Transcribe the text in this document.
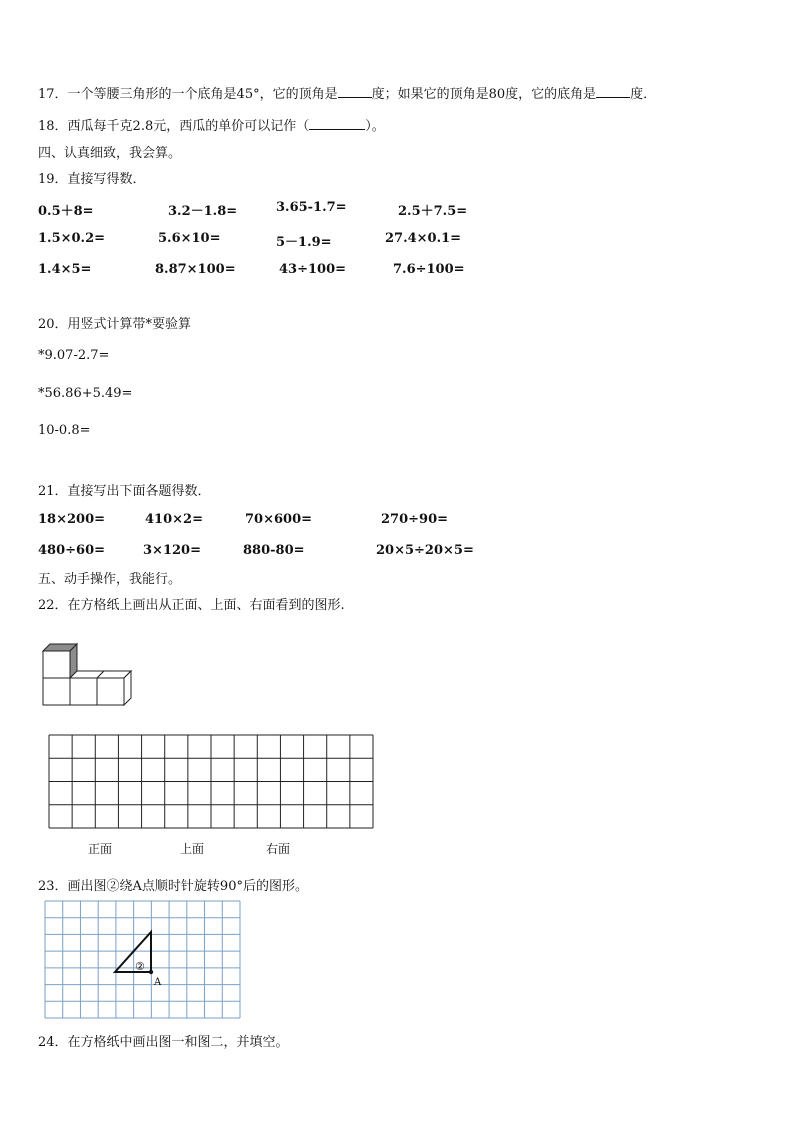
17．一个等腰三角形的一个底角是45°，它的顶角是	度；如果它的顶角是80度，它的底角是	度．
18．西瓜每千克2.8元，西瓜的单价可以记作（	）。
四、认真细致，我会算。
19．直接写得数．
0.5＋8=	3.2－1.8=	3.65-1.7=	2.5＋7.5=
1.5×0.2=	5.6×10=	5－1.9=	27.4×0.1=
1.4×5=	8.87×100=	43÷100=	7.6÷100=
20．用竖式计算带*要验算
*9.07-2.7=
*56.86+5.49=
10-0.8=
21．直接写出下面各题得数．
18×200=	410×2=	70×600=	270÷90=
480÷60=	3×120=	880-80=	20×5÷20×5=
五、动手操作，我能行。
22．在方格纸上画出从正面、上面、右面看到的图形.
正面	上面	右面
23．画出图②绕A点顺时针旋转90°后的图形。
②
A
24．在方格纸中画出图一和图二，并填空。
